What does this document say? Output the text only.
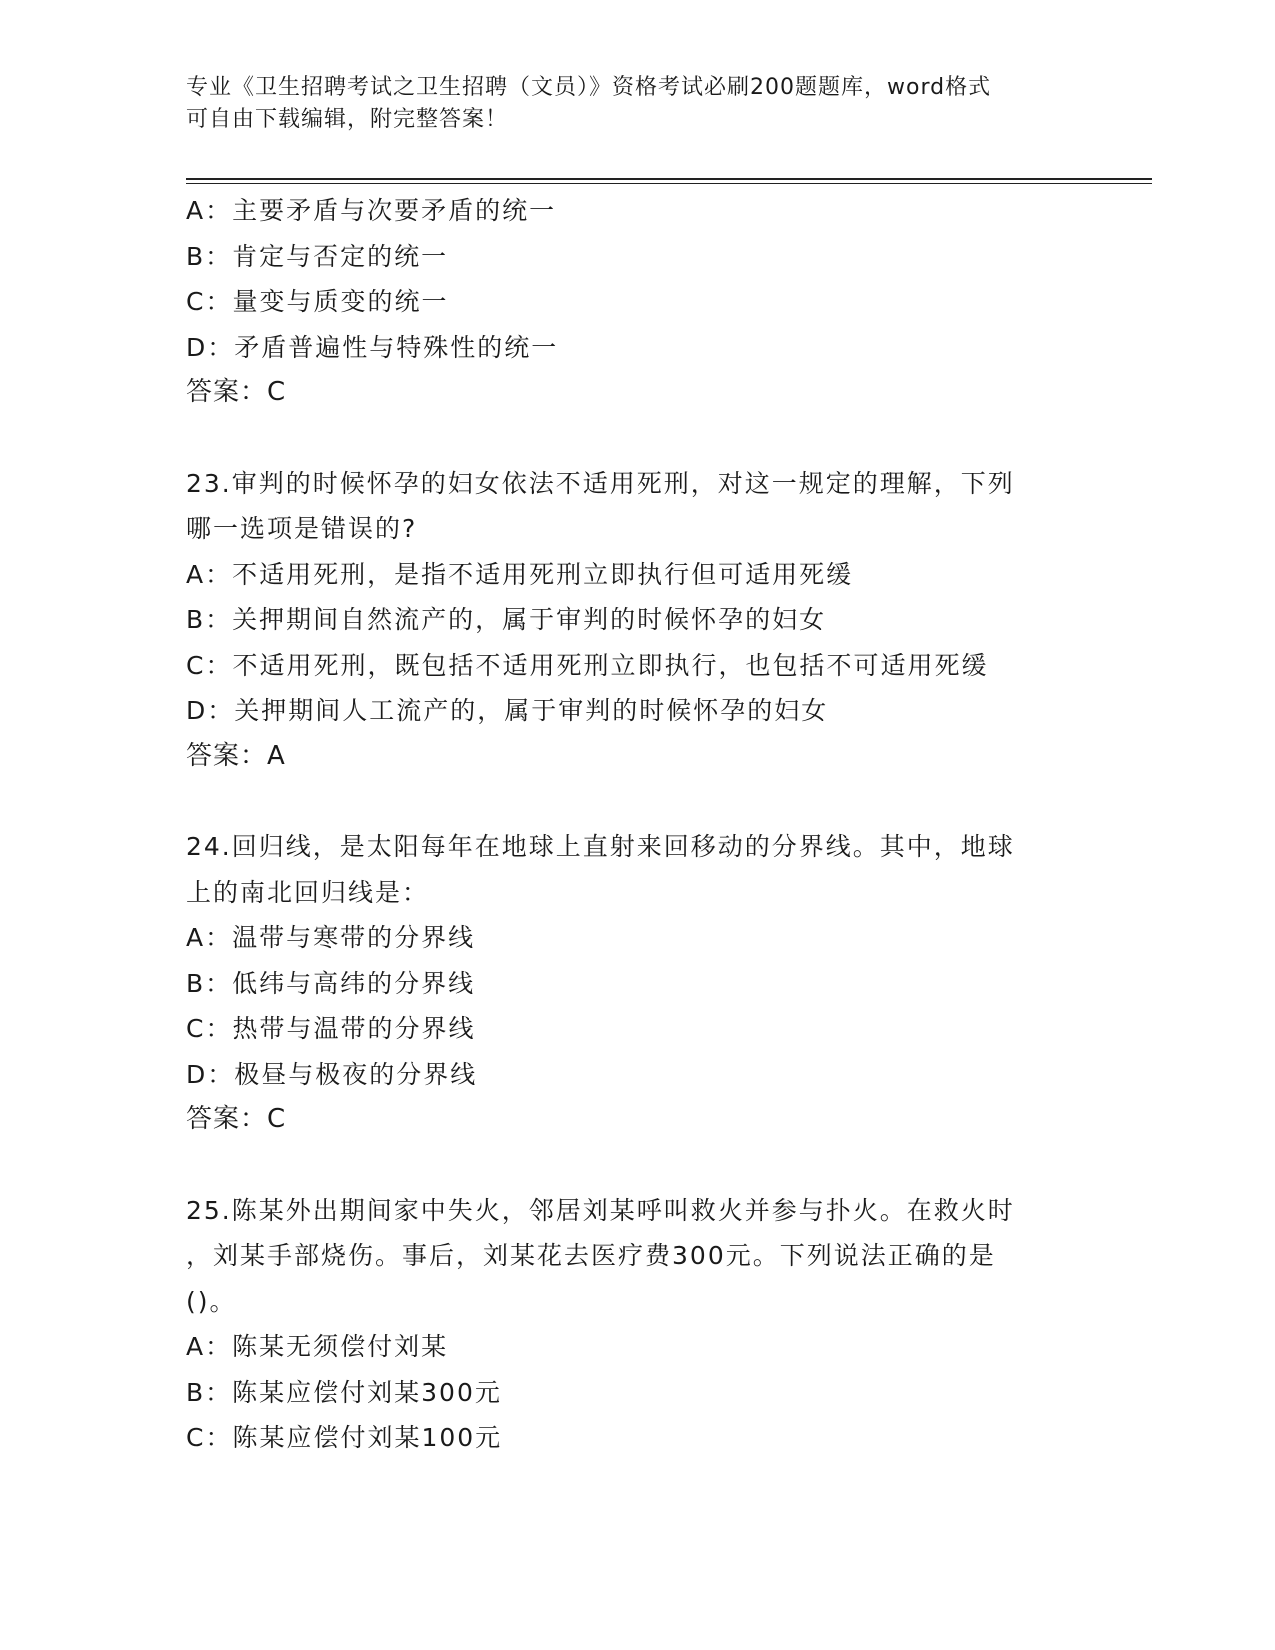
专业《卫生招聘考试之卫生招聘（文员）》资格考试必刷200题题库，word格式
可自由下载编辑，附完整答案！
A：主要矛盾与次要矛盾的统一
B：肯定与否定的统一
C：量变与质变的统一
D：矛盾普遍性与特殊性的统一
答案：C
23.审判的时候怀孕的妇女依法不适用死刑，对这一规定的理解，下列
哪一选项是错误的?
A：不适用死刑，是指不适用死刑立即执行但可适用死缓
B：关押期间自然流产的，属于审判的时候怀孕的妇女
C：不适用死刑，既包括不适用死刑立即执行，也包括不可适用死缓
D：关押期间人工流产的，属于审判的时候怀孕的妇女
答案：A
24.回归线，是太阳每年在地球上直射来回移动的分界线。其中，地球
上的南北回归线是：
A：温带与寒带的分界线
B：低纬与高纬的分界线
C：热带与温带的分界线
D：极昼与极夜的分界线
答案：C
25.陈某外出期间家中失火，邻居刘某呼叫救火并参与扑火。在救火时
，刘某手部烧伤。事后，刘某花去医疗费300元。下列说法正确的是
()。
A：陈某无须偿付刘某
B：陈某应偿付刘某300元
C：陈某应偿付刘某100元
